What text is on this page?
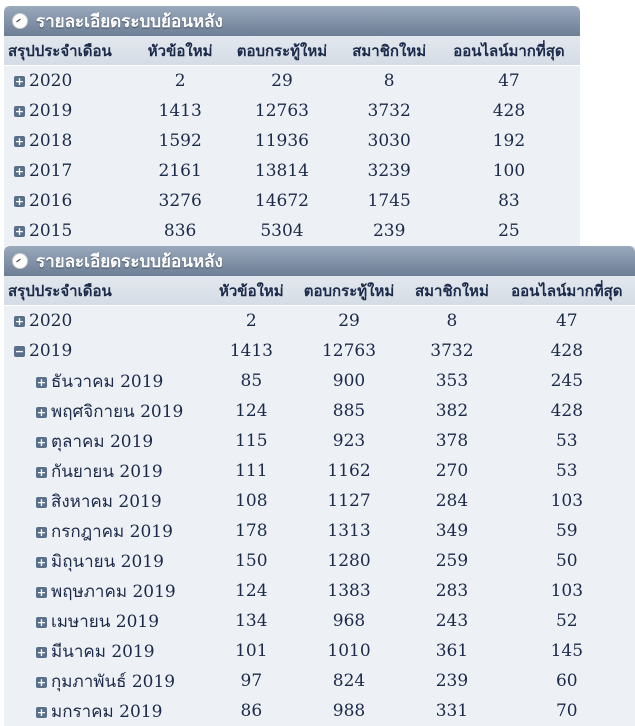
รายละเอียดระบบย้อนหลัง
สรุปประจำเดือน	หัวข้อใหม่	ตอบกระทู้ใหม่	สมาชิกใหม่	ออนไลน์มากที่สุด
+ 2020	2	29	8	47
+ 2019	1413	12763	3732	428
+ 2018	1592	11936	3030	192
+ 2017	2161	13814	3239	100
+ 2016	3276	14672	1745	83
+ 2015	836	5304	239	25
รายละเอียดระบบย้อนหลัง
สรุปประจำเดือน	หัวข้อใหม่	ตอบกระทู้ใหม่	สมาชิกใหม่	ออนไลน์มากที่สุด
+ 2020	2	29	8	47
− 2019	1413	12763	3732	428
+ ธันวาคม 2019	85	900	353	245
+ พฤศจิกายน 2019	124	885	382	428
+ ตุลาคม 2019	115	923	378	53
+ กันยายน 2019	111	1162	270	53
+ สิงหาคม 2019	108	1127	284	103
+ กรกฎาคม 2019	178	1313	349	59
+ มิถุนายน 2019	150	1280	259	50
+ พฤษภาคม 2019	124	1383	283	103
+ เมษายน 2019	134	968	243	52
+ มีนาคม 2019	101	1010	361	145
+ กุมภาพันธ์ 2019	97	824	239	60
+ มกราคม 2019	86	988	331	70
